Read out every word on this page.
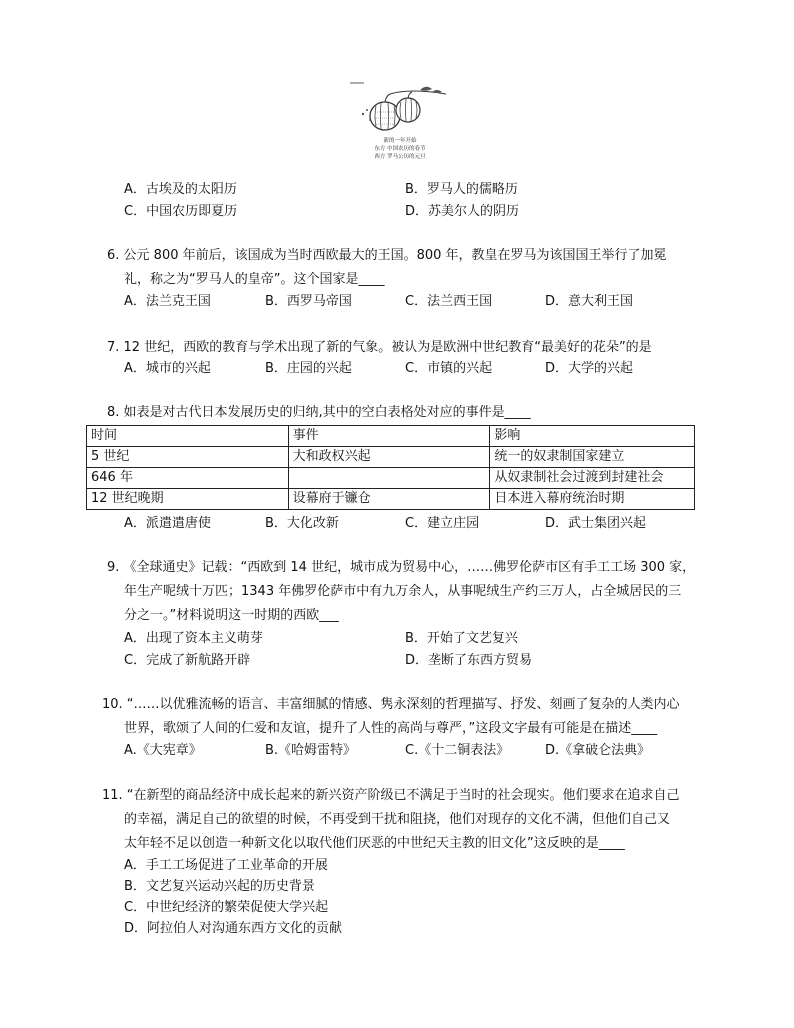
新的一年开始
东方 中国农历的春节
西方 罗马公历的元旦
A．古埃及的太阳历	B．罗马人的儒略历
C．中国农历即夏历	D．苏美尔人的阴历
6. 公元 800 年前后，该国成为当时西欧最大的王国。800 年，教皇在罗马为该国国王举行了加冕
礼，称之为“罗马人的皇帝”。这个国家是____
A．法兰克王国	B．西罗马帝国	C．法兰西王国	D．意大利王国
7. 12 世纪，西欧的教育与学术出现了新的气象。被认为是欧洲中世纪教育“最美好的花朵”的是
A．城市的兴起	B．庄园的兴起	C．市镇的兴起	D．大学的兴起
8. 如表是对古代日本发展历史的归纳,其中的空白表格处对应的事件是____
时间	事件	影响
5 世纪	大和政权兴起	统一的奴隶制国家建立
646 年		从奴隶制社会过渡到封建社会
12 世纪晚期	设幕府于镰仓	日本进入幕府统治时期
A．派遣遣唐使	B．大化改新	C．建立庄园	D．武士集团兴起
9. 《全球通史》记载：“西欧到 14 世纪，城市成为贸易中心，……佛罗伦萨市区有手工工场 300 家，
年生产呢绒十万匹；1343 年佛罗伦萨市中有九万余人，从事呢绒生产约三万人，占全城居民的三
分之一。”材料说明这一时期的西欧___
A．出现了资本主义萌芽	B．开始了文艺复兴
C．完成了新航路开辟	D．垄断了东西方贸易
10. “……以优雅流畅的语言、丰富细腻的情感、隽永深刻的哲理描写、抒发、刻画了复杂的人类内心
世界，歌颂了人间的仁爱和友谊，提升了人性的高尚与尊严，”这段文字最有可能是在描述____
A.《大宪章》	B.《哈姆雷特》	C.《十二铜表法》	D.《拿破仑法典》
11. “在新型的商品经济中成长起来的新兴资产阶级已不满足于当时的社会现实。他们要求在追求自己
的幸福，满足自己的欲望的时候，不再受到干扰和阻挠，他们对现存的文化不满，但他们自己又
太年轻不足以创造一种新文化以取代他们厌恶的中世纪天主教的旧文化”这反映的是____
A．手工工场促进了工业革命的开展
B．文艺复兴运动兴起的历史背景
C．中世纪经济的繁荣促使大学兴起
D．阿拉伯人对沟通东西方文化的贡献
